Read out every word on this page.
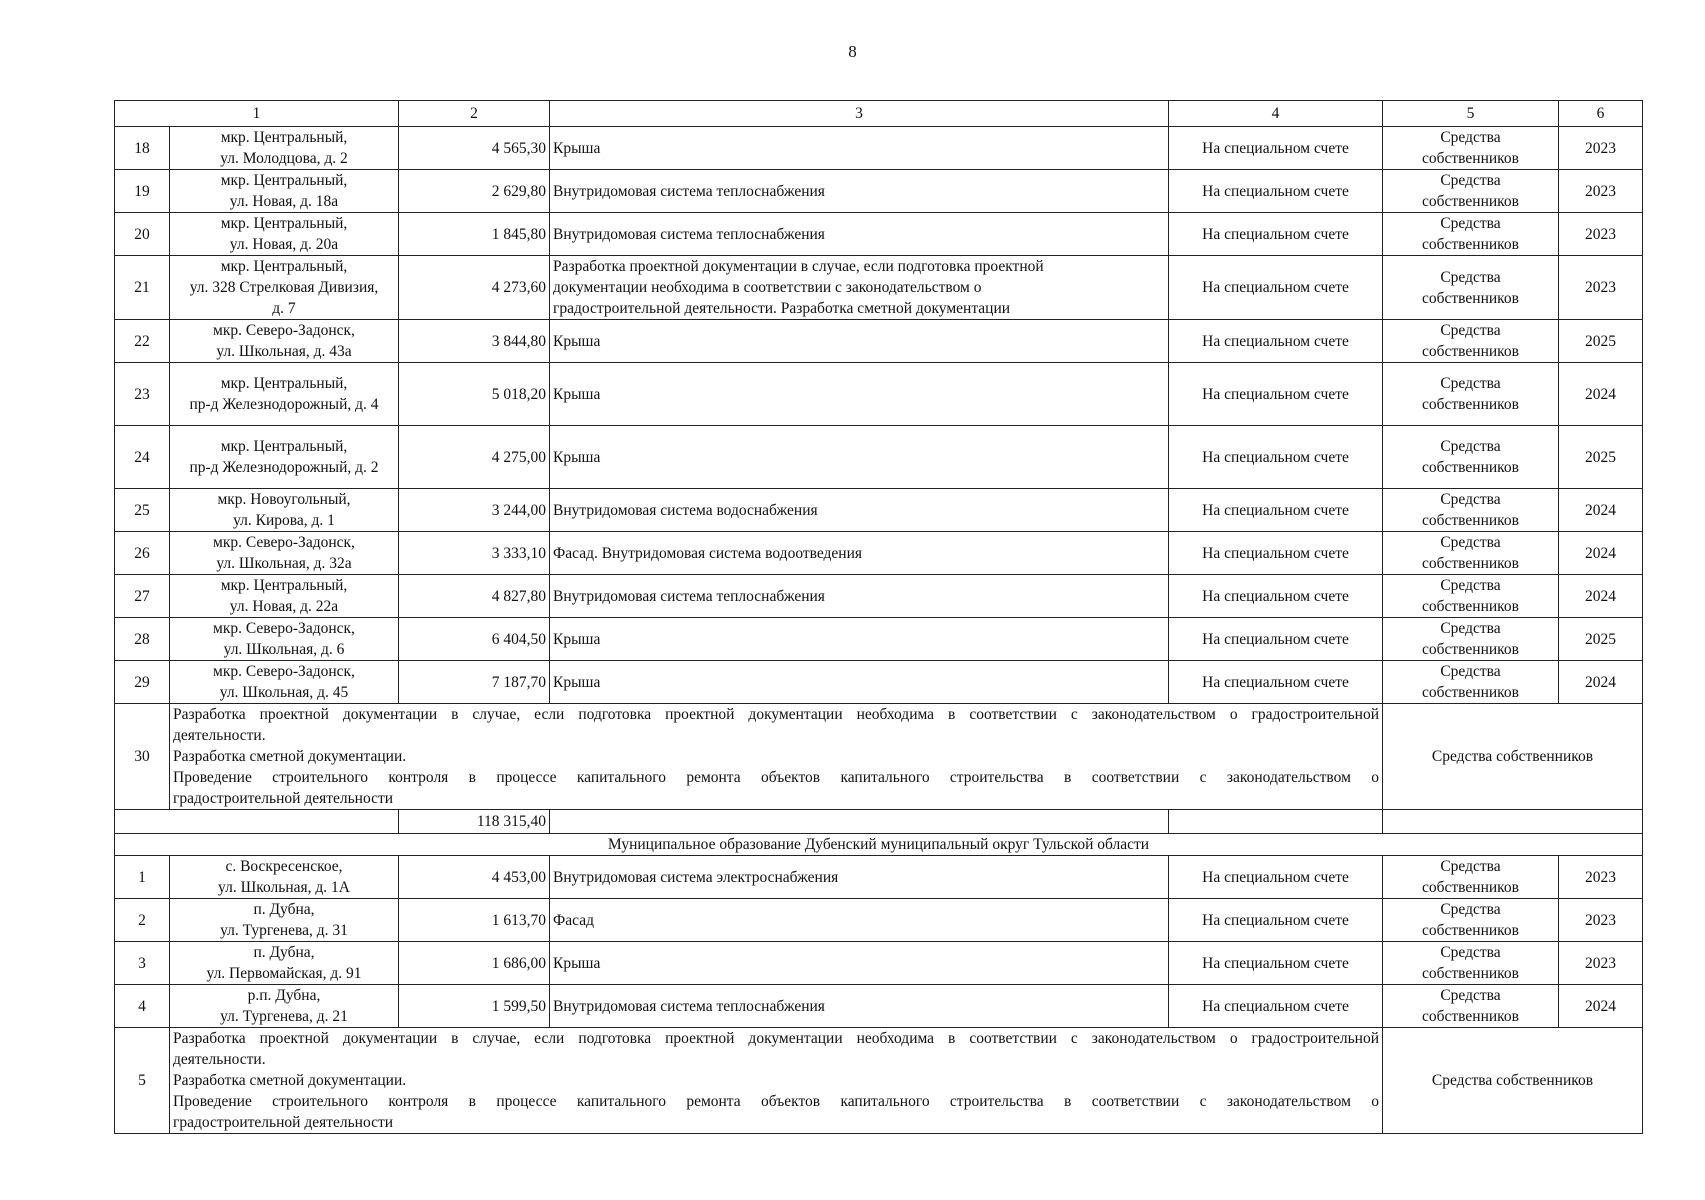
8
1		2	3	4	5	6
18	мкр. Центральный,
ул. Молодцова, д. 2	4 565,30	Крыша	На специальном счете	Средства
собственников	2023
19	мкр. Центральный,
ул. Новая, д. 18а	2 629,80	Внутридомовая система теплоснабжения	На специальном счете	Средства
собственников	2023
20	мкр. Центральный,
ул. Новая, д. 20а	1 845,80	Внутридомовая система теплоснабжения	На специальном счете	Средства
собственников	2023
21	мкр. Центральный,
ул. 328 Стрелковая Дивизия,
д. 7	4 273,60	Разработка проектной документации в случае, если подготовка проектной
документации необходима в соответствии с законодательством о
градостроительной деятельности. Разработка сметной документации	На специальном счете	Средства
собственников	2023
22	мкр. Северо-Задонск,
ул. Школьная, д. 43а	3 844,80	Крыша	На специальном счете	Средства
собственников	2025
23	мкр. Центральный,
пр-д Железнодорожный, д. 4	5 018,20	Крыша	На специальном счете	Средства
собственников	2024
24	мкр. Центральный,
пр-д Железнодорожный, д. 2	4 275,00	Крыша	На специальном счете	Средства
собственников	2025
25	мкр. Новоугольный,
ул. Кирова, д. 1	3 244,00	Внутридомовая система водоснабжения	На специальном счете	Средства
собственников	2024
26	мкр. Северо-Задонск,
ул. Школьная, д. 32а	3 333,10	Фасад. Внутридомовая система водоотведения	На специальном счете	Средства
собственников	2024
27	мкр. Центральный,
ул. Новая, д. 22а	4 827,80	Внутридомовая система теплоснабжения	На специальном счете	Средства
собственников	2024
28	мкр. Северо-Задонск,
ул. Школьная, д. 6	6 404,50	Крыша	На специальном счете	Средства
собственников	2025
29	мкр. Северо-Задонск,
ул. Школьная, д. 45	7 187,70	Крыша	На специальном счете	Средства
собственников	2024
30	Разработка проектной документации в случае, если подготовка проектной документации необходима в соответствии с законодательством о градостроительной
деятельности.
Разработка сметной документации.
Проведение строительного контроля в процессе капитального ремонта объектов капитального строительства в соответствии с законодательством о
градостроительной деятельности				Средства собственников	
		118 315,40				
Муниципальное образование Дубенский муниципальный округ Тульской области						
1	с. Воскресенское,
ул. Школьная, д. 1А	4 453,00	Внутридомовая система электроснабжения	На специальном счете	Средства
собственников	2023
2	п. Дубна,
ул. Тургенева, д. 31	1 613,70	Фасад	На специальном счете	Средства
собственников	2023
3	п. Дубна,
ул. Первомайская, д. 91	1 686,00	Крыша	На специальном счете	Средства
собственников	2023
4	р.п. Дубна,
ул. Тургенева, д. 21	1 599,50	Внутридомовая система теплоснабжения	На специальном счете	Средства
собственников	2024
5	Разработка проектной документации в случае, если подготовка проектной документации необходима в соответствии с законодательством о градостроительной
деятельности.
Разработка сметной документации.
Проведение строительного контроля в процессе капитального ремонта объектов капитального строительства в соответствии с законодательством о
градостроительной деятельности				Средства собственников	
